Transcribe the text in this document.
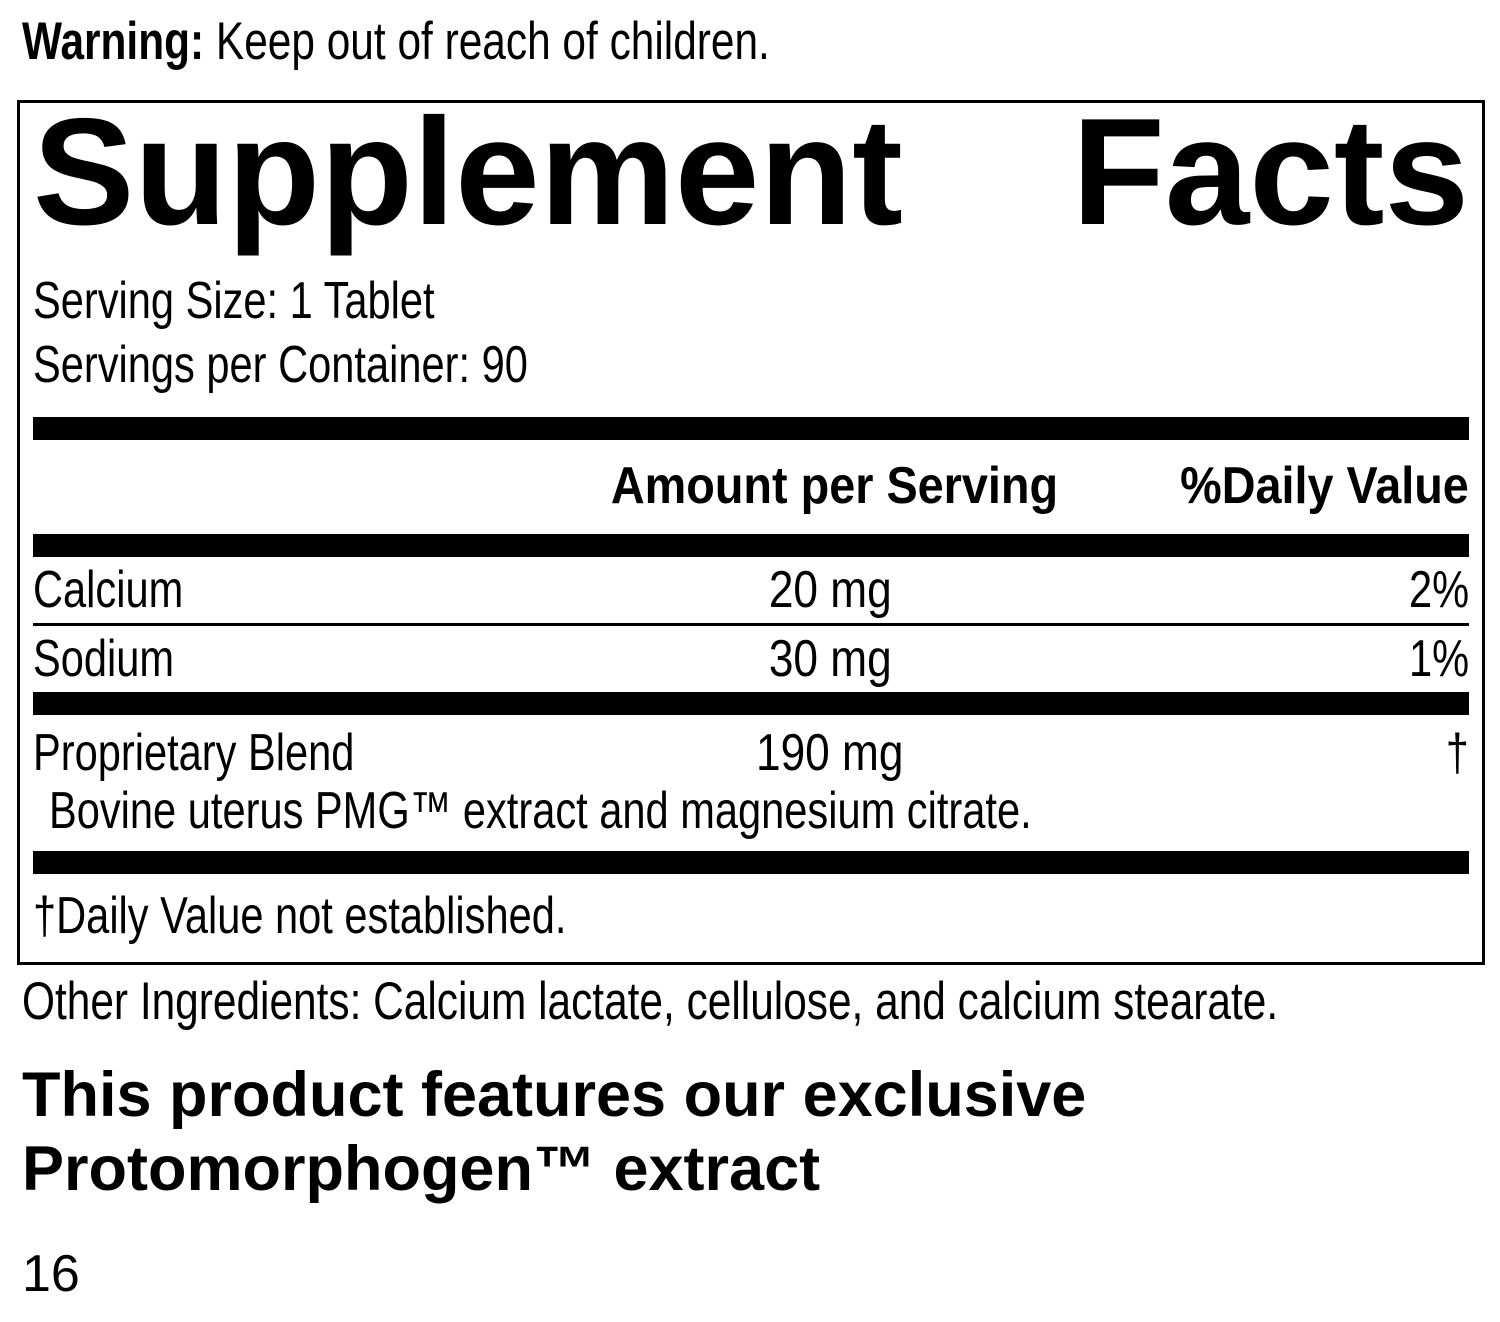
Warning: Keep out of reach of children.
Supplement Facts
Serving Size: 1 Tablet
Servings per Container: 90
Amount per Serving	%Daily Value
Calcium	20 mg	2%
Sodium	30 mg	1%
Proprietary Blend	190 mg	†
Bovine uterus PMG™ extract and magnesium citrate.
†Daily Value not established.
Other Ingredients: Calcium lactate, cellulose, and calcium stearate.
This product features our exclusive
Protomorphogen™ extract
16
